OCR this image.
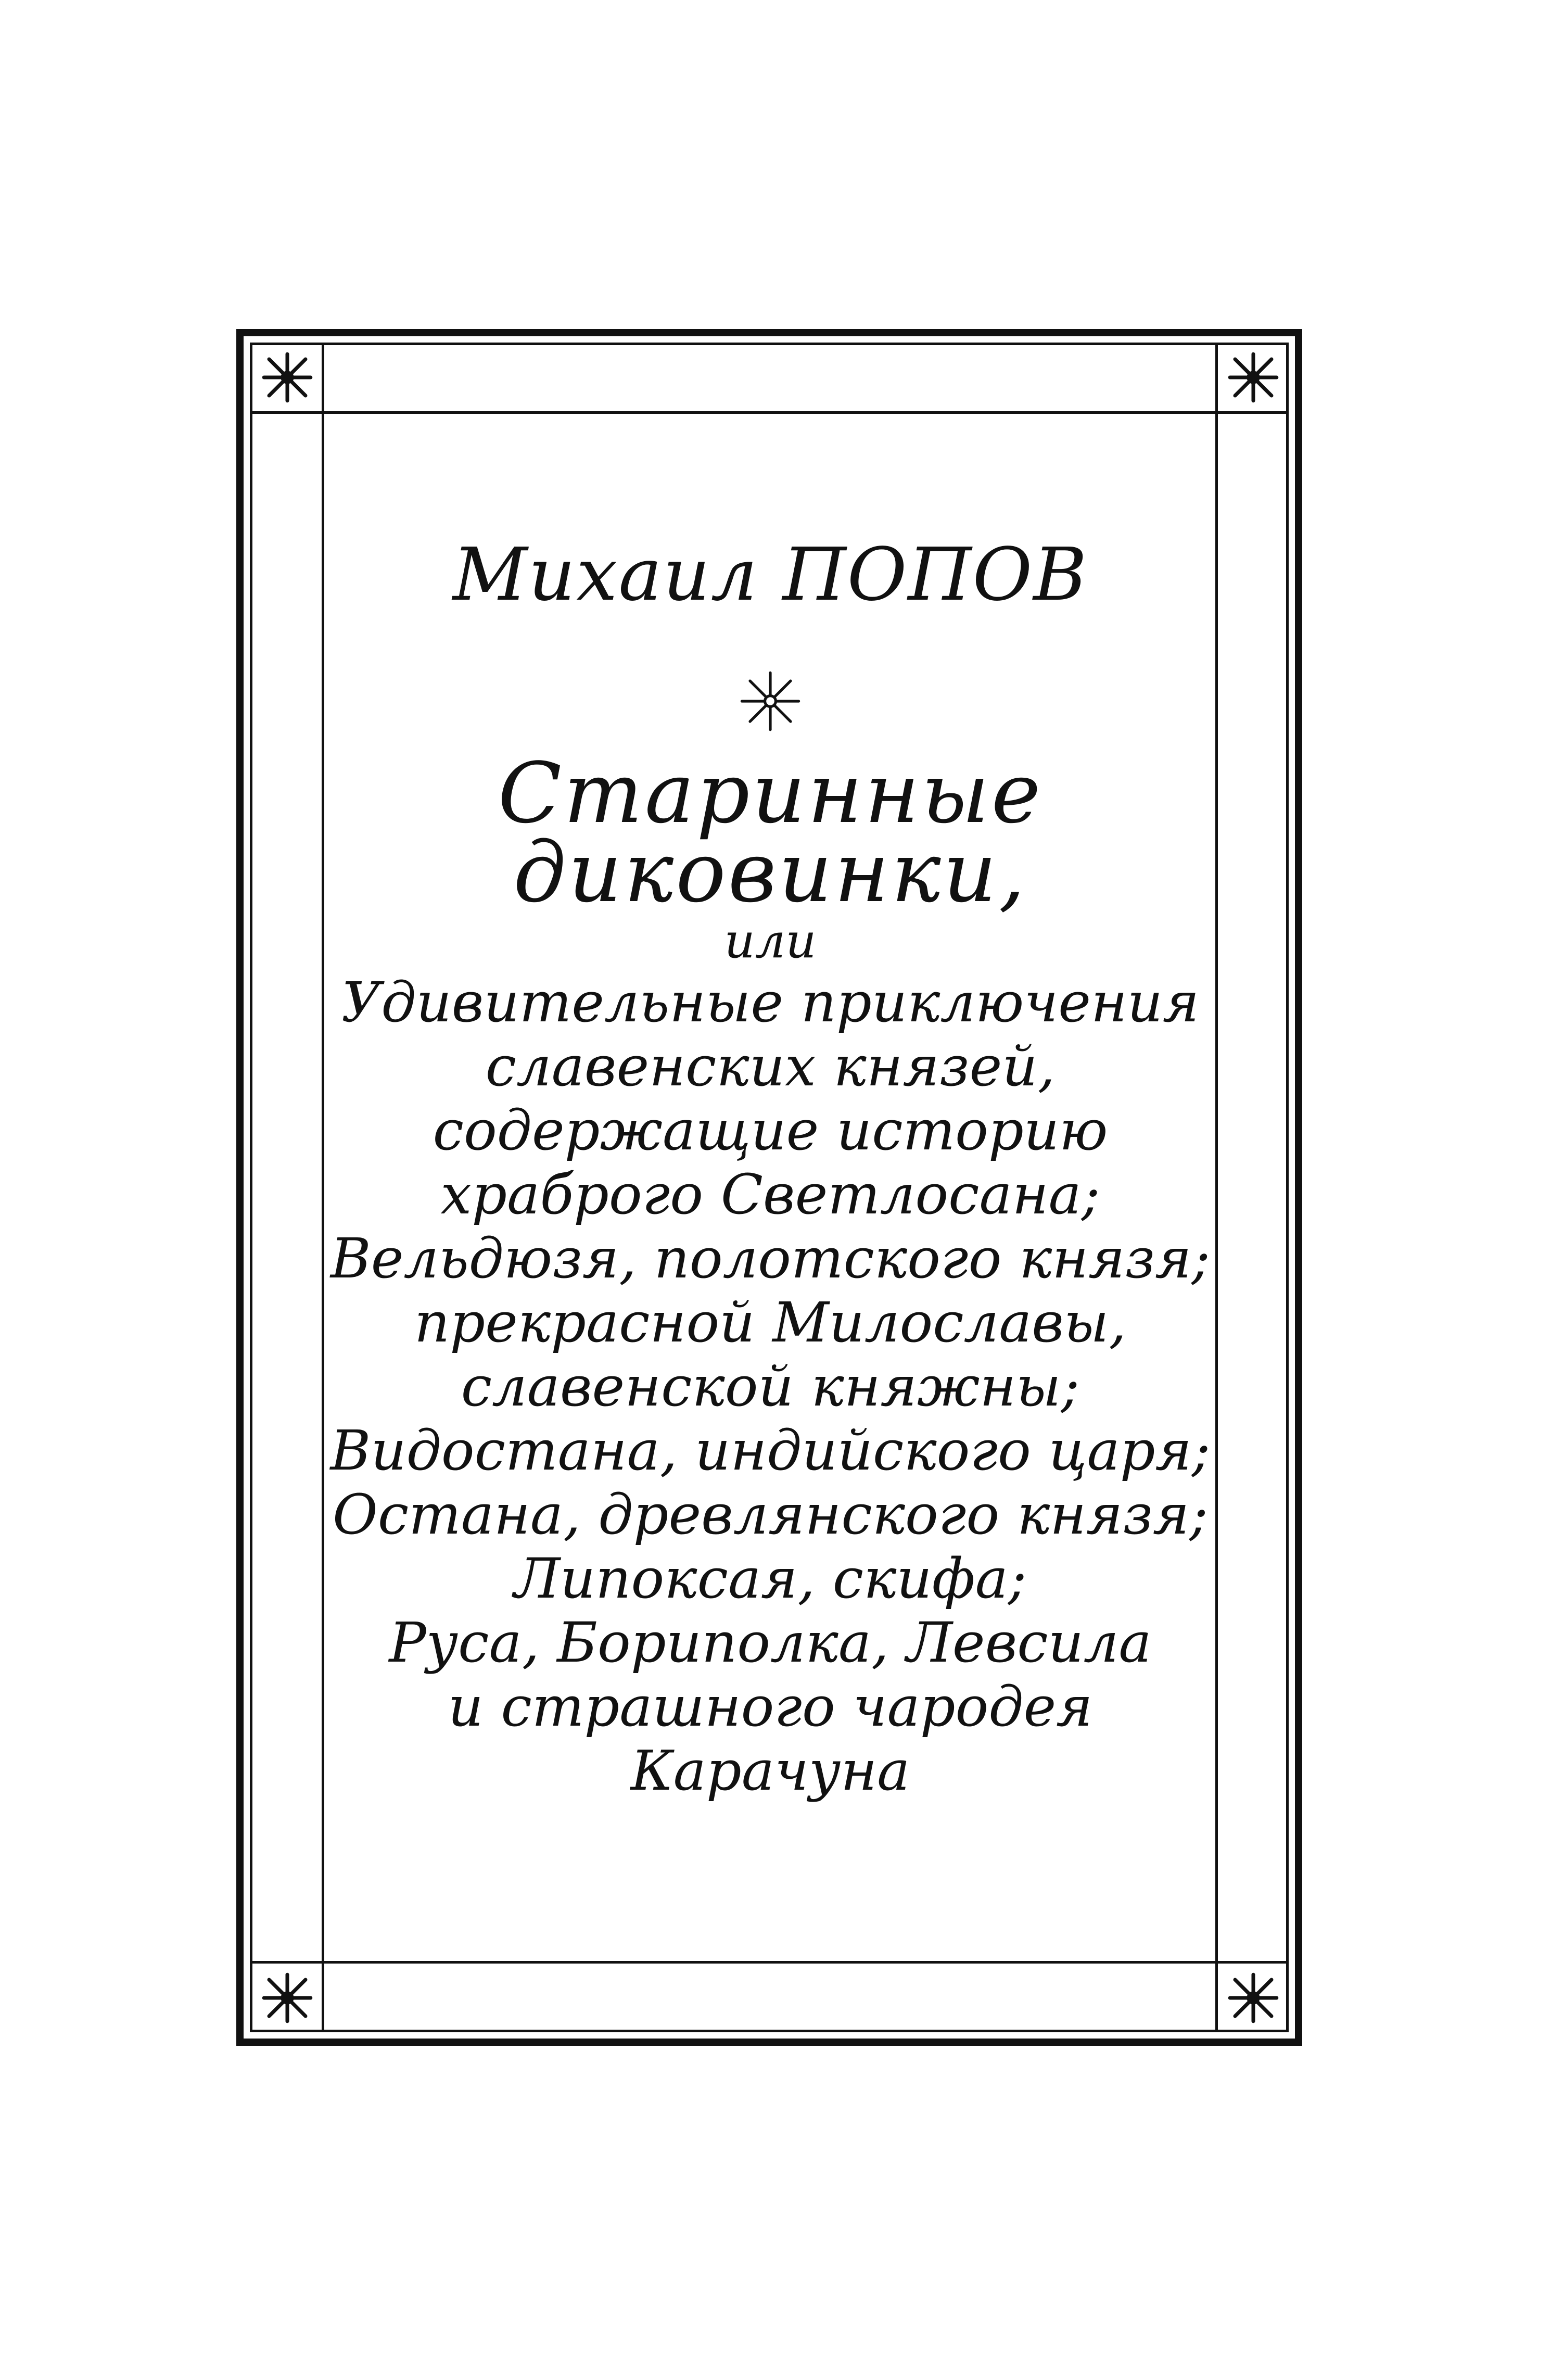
Михаил ПОПОВ

Старинные

диковинки,

или

Удивительные приключения

славенских князей,

содержащие историю

храброго Светлосана;

Вельдюзя, полотского князя;

прекрасной Милославы,

славенской княжны;

Видостана, индийского царя;

Остана, древлянского князя;

Липоксая, скифа;

Руса, Бориполка, Левсила

и страшного чародея

Карачуна
